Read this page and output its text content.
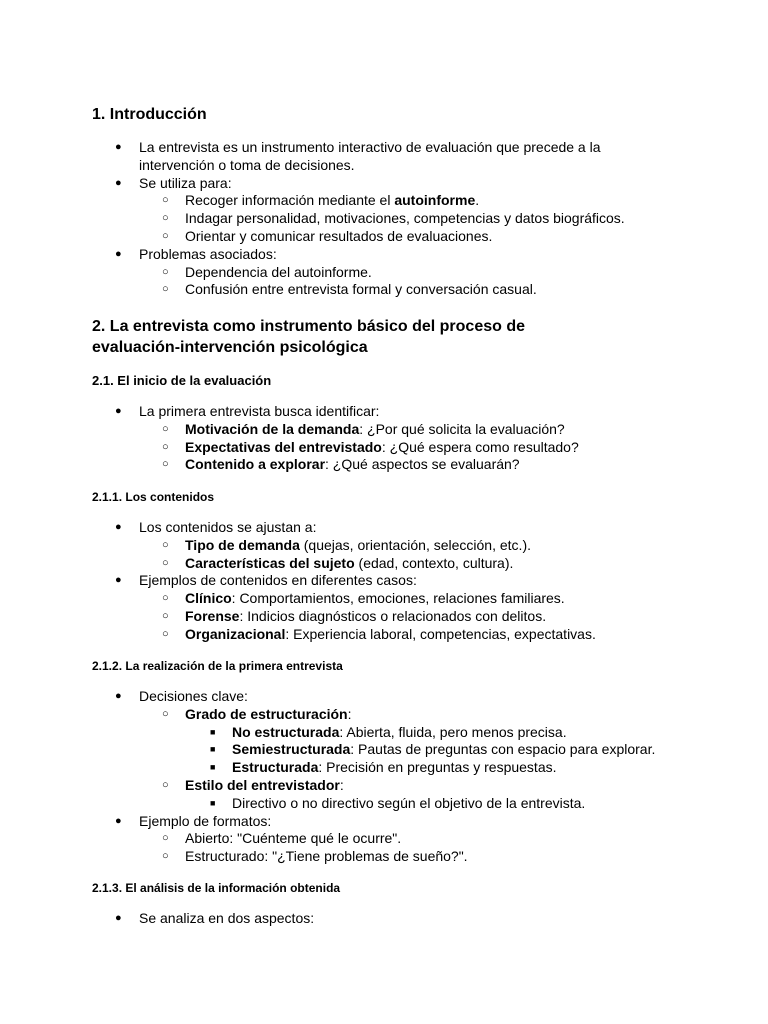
1. Introducción
● La entrevista es un instrumento interactivo de evaluación que precede a la
intervención o toma de decisiones.
● Se utiliza para:
○ Recoger información mediante el autoinforme.
○ Indagar personalidad, motivaciones, competencias y datos biográficos.
○ Orientar y comunicar resultados de evaluaciones.
● Problemas asociados:
○ Dependencia del autoinforme.
○ Confusión entre entrevista formal y conversación casual.
2. La entrevista como instrumento básico del proceso de
evaluación-intervención psicológica
2.1. El inicio de la evaluación
● La primera entrevista busca identificar:
○ Motivación de la demanda: ¿Por qué solicita la evaluación?
○ Expectativas del entrevistado: ¿Qué espera como resultado?
○ Contenido a explorar: ¿Qué aspectos se evaluarán?
2.1.1. Los contenidos
● Los contenidos se ajustan a:
○ Tipo de demanda (quejas, orientación, selección, etc.).
○ Características del sujeto (edad, contexto, cultura).
● Ejemplos de contenidos en diferentes casos:
○ Clínico: Comportamientos, emociones, relaciones familiares.
○ Forense: Indicios diagnósticos o relacionados con delitos.
○ Organizacional: Experiencia laboral, competencias, expectativas.
2.1.2. La realización de la primera entrevista
● Decisiones clave:
○ Grado de estructuración:
■ No estructurada: Abierta, fluida, pero menos precisa.
■ Semiestructurada: Pautas de preguntas con espacio para explorar.
■ Estructurada: Precisión en preguntas y respuestas.
○ Estilo del entrevistador:
■ Directivo o no directivo según el objetivo de la entrevista.
● Ejemplo de formatos:
○ Abierto: "Cuénteme qué le ocurre".
○ Estructurado: "¿Tiene problemas de sueño?".
2.1.3. El análisis de la información obtenida
● Se analiza en dos aspectos:
